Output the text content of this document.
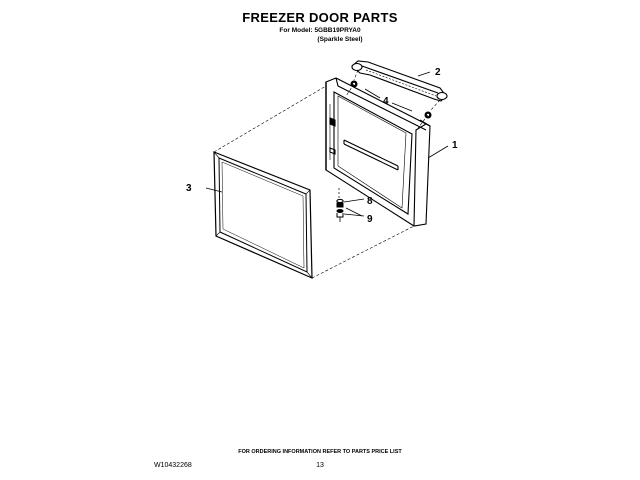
FREEZER DOOR PARTS
For Model: 5GBB19PRYA0
(Sparkle Steel)
2
4
1
3
8
9
FOR ORDERING INFORMATION REFER TO PARTS PRICE LIST
W10432268	13
